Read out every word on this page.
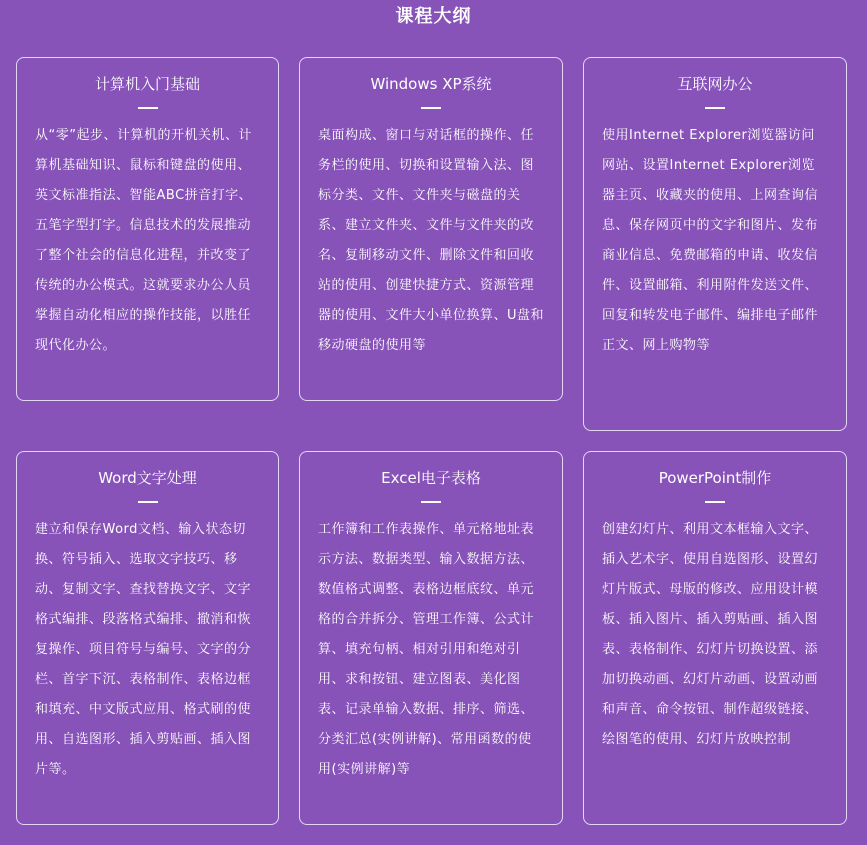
课程大纲
计算机入门基础
从“零”起步、计算机的开机关机、计算机基础知识、鼠标和键盘的使用、英文标准指法、智能ABC拼音打字、五笔字型打字。信息技术的发展推动了整个社会的信息化进程，并改变了传统的办公模式。这就要求办公人员掌握自动化相应的操作技能，以胜任现代化办公。
Windows XP系统
桌面构成、窗口与对话框的操作、任务栏的使用、切换和设置输入法、图标分类、文件、文件夹与磁盘的关系、建立文件夹、文件与文件夹的改名、复制移动文件、删除文件和回收站的使用、创建快捷方式、资源管理器的使用、文件大小单位换算、U盘和移动硬盘的使用等
互联网办公
使用Internet Explorer浏览器访问网站、设置Internet Explorer浏览器主页、收藏夹的使用、上网查询信息、保存网页中的文字和图片、发布商业信息、免费邮箱的申请、收发信件、设置邮箱、利用附件发送文件、回复和转发电子邮件、编排电子邮件正文、网上购物等
Word文字处理
建立和保存Word文档、输入状态切换、符号插入、选取文字技巧、移动、复制文字、查找替换文字、文字格式编排、段落格式编排、撤消和恢复操作、项目符号与编号、文字的分栏、首字下沉、表格制作、表格边框和填充、中文版式应用、格式刷的使用、自选图形、插入剪贴画、插入图片等。
Excel电子表格
工作簿和工作表操作、单元格地址表示方法、数据类型、输入数据方法、数值格式调整、表格边框底纹、单元格的合并拆分、管理工作簿、公式计算、填充句柄、相对引用和绝对引用、求和按钮、建立图表、美化图表、记录单输入数据、排序、筛选、分类汇总(实例讲解)、常用函数的使用(实例讲解)等
PowerPoint制作
创建幻灯片、利用文本框输入文字、插入艺术字、使用自选图形、设置幻灯片版式、母版的修改、应用设计模板、插入图片、插入剪贴画、插入图表、表格制作、幻灯片切换设置、添加切换动画、幻灯片动画、设置动画和声音、命令按钮、制作超级链接、绘图笔的使用、幻灯片放映控制
